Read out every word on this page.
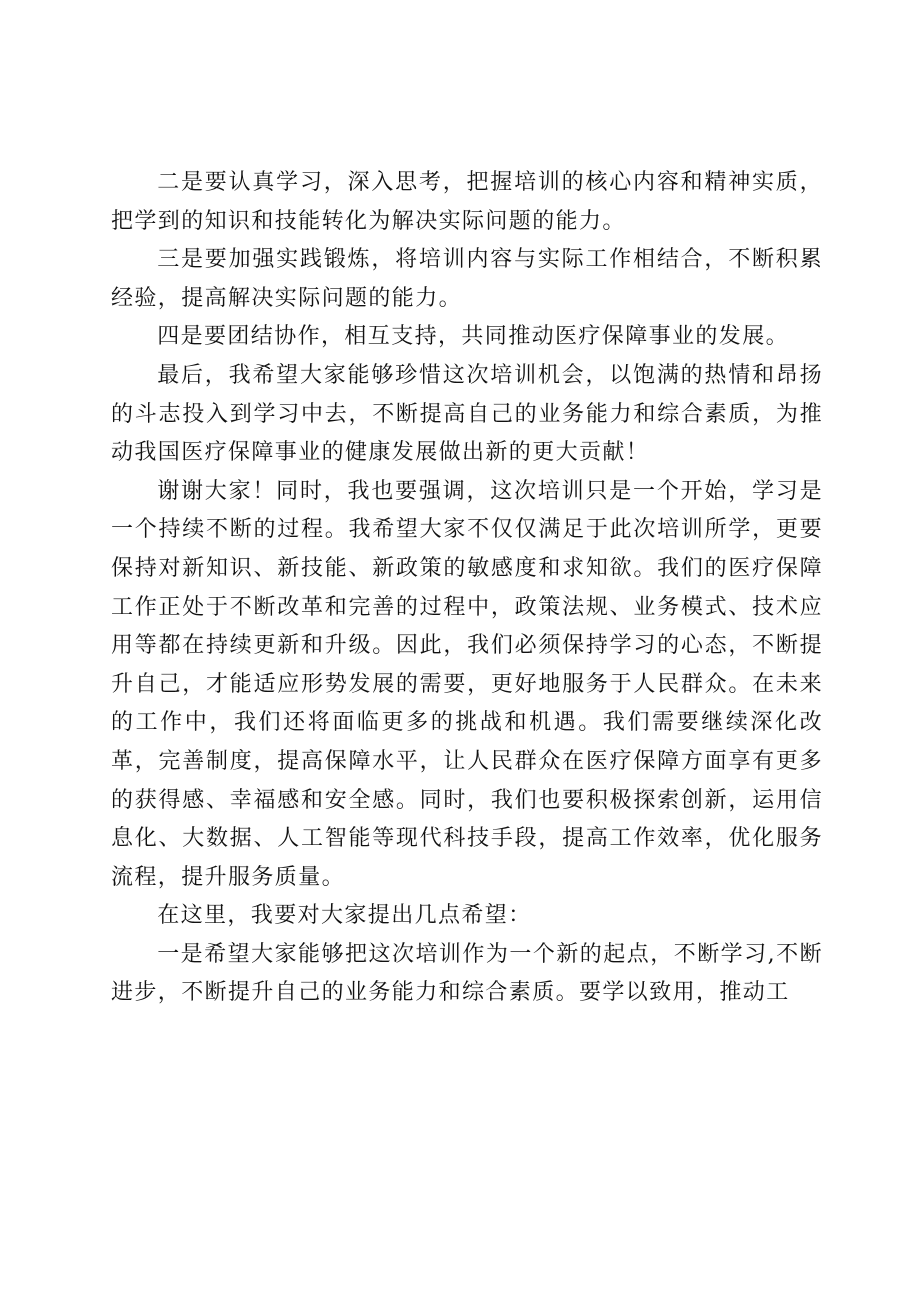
二是要认真学习，深入思考，把握培训的核心内容和精神实质，把学到的知识和技能转化为解决实际问题的能力。

三是要加强实践锻炼，将培训内容与实际工作相结合，不断积累经验，提高解决实际问题的能力。

四是要团结协作，相互支持，共同推动医疗保障事业的发展。

最后，我希望大家能够珍惜这次培训机会，以饱满的热情和昂扬的斗志投入到学习中去，不断提高自己的业务能力和综合素质，为推动我国医疗保障事业的健康发展做出新的更大贡献！

谢谢大家！同时，我也要强调，这次培训只是一个开始，学习是一个持续不断的过程。我希望大家不仅仅满足于此次培训所学，更要保持对新知识、新技能、新政策的敏感度和求知欲。我们的医疗保障工作正处于不断改革和完善的过程中，政策法规、业务模式、技术应用等都在持续更新和升级。因此，我们必须保持学习的心态，不断提升自己，才能适应形势发展的需要，更好地服务于人民群众。在未来的工作中，我们还将面临更多的挑战和机遇。我们需要继续深化改革，完善制度，提高保障水平，让人民群众在医疗保障方面享有更多的获得感、幸福感和安全感。同时，我们也要积极探索创新，运用信息化、大数据、人工智能等现代科技手段，提高工作效率，优化服务流程，提升服务质量。

在这里，我要对大家提出几点希望：

一是希望大家能够把这次培训作为一个新的起点，不断学习,不断进步，不断提升自己的业务能力和综合素质。要学以致用，推动工
